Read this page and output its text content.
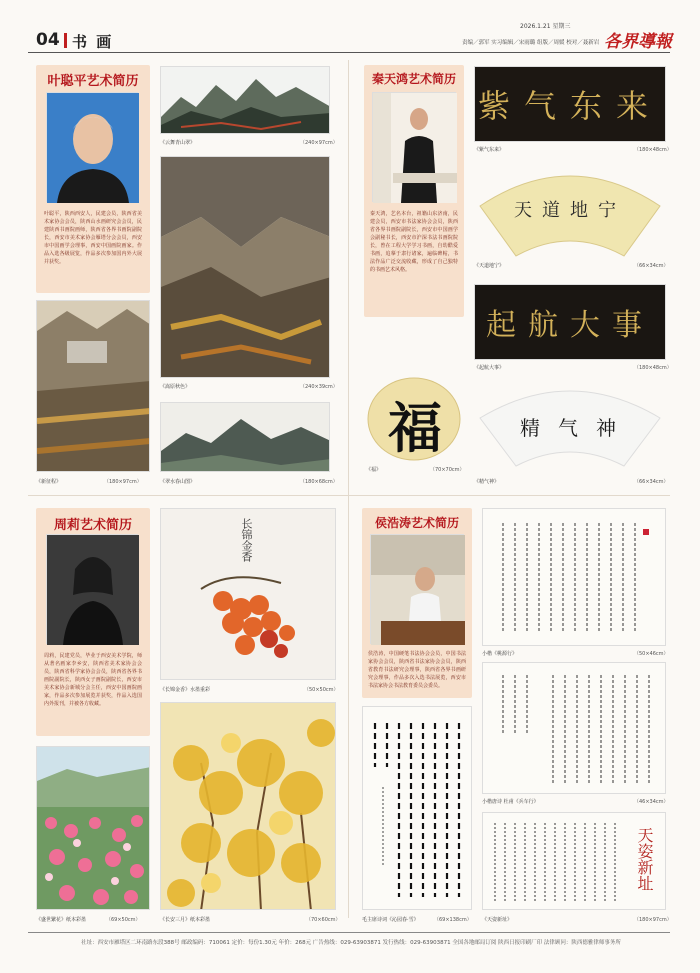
04 书 画
2026.1.21 星期三
责编／郭军 实习编辑／宋雨璐 组版／周媛 校对／聂新岩 各界導報
叶聪平艺术简历
叶聪平，陕西西安人，民建会员，陕西省美术家协会会员，陕西山水画研究会会员，民建陕西书画院画师，陕西省各界书画院副院长，西安市美术家协会雁塔分会会员，西安市中国画学会理事，西安中国画院画家。作品入选各级展览，作品多次参加国内外大展并获奖。
《云舞青山翠》	（240×97cm）
《嵩原秋色》	（240×39cm）
《新征程》	（180×97cm）	《翠水春山图》	（180×68cm）
秦天鸿艺术简历
秦天鸿，艺名本台，祖籍山东济南，民建会员，西安市书法家协会会员，陕西省各界书画院副院长，西安市中国画学会副秘书长，西安市沪深书法书画院院长，曾在工程大学学习书画，自幼酷爱书画，追摹于隶行诸家，遍临碑帖，书法作品广泛交流收藏，形成了自己独特的书画艺术风格。
紫气东来
《紫气东来》	（180×48cm）
天道地宁
《天道地宁》	（66×34cm）
起航大事
《起航大事》	（180×48cm）
福
《福》	（70×70cm）
精气神
《精气神》	（66×34cm）
周莉艺术简历
周莉，民建党员，毕业于西安美术学院，师从著名画家李乡安，陕西省美术家协会会员，陕西省科学家协会会员，陕西省各界书画院副院长，陕西女子画院副院长，西安市美术家协会新城分会主任，西安中国画院画家，作品多次参加展览并获奖，作品入选国内外报刊，并被各方收藏。
长锦金香
《长锦金香》水墨重彩	（50×50cm）
《盛世繁花》纸本彩墨	（69×50cm）	《长安三月》纸本彩墨	（70×60cm）
侯浩涛艺术简历
侯浩涛，中国硬笔书法协会会员，中国书法家协会会员，陕西省书法家协会会员，陕西省教育书法研究会理事，陕西省各界书画研究会理事，作品多次入选书法展览，西安市书法家协会书法教育委员会委员。
小楷《桃源行》	（50×46cm）
小楷唐诗 杜甫《兵车行》	（46×34cm）
毛主席诗词《沁园春·雪》	（69×138cm）
天姿新址
《天姿新址》	（180×97cm）
社址：西安市雁塔区二环南路东段388号 邮政编码：710061 定价：每份1.30元 年价：268元 广告热线：029-63903871 发行热线：029-63903871 全国各地邮局订阅 陕西日报印刷厂印 法律顾问：陕西德雅律师事务所
